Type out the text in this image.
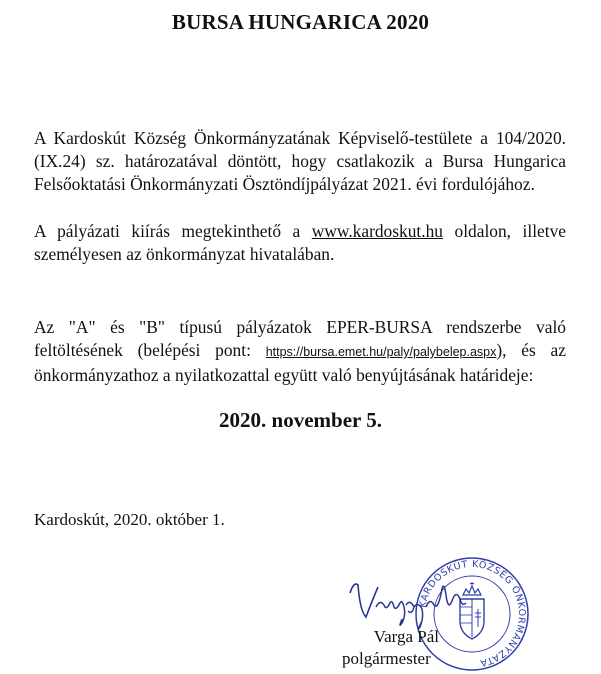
BURSA HUNGARICA 2020
A Kardoskút Község Önkormányzatának Képviselő-testülete a 104/2020. (IX.24) sz. határozatával döntött, hogy csatlakozik a Bursa Hungarica Felsőoktatási Önkormányzati Ösztöndíjpályázat 2021. évi fordulójához.
A pályázati kiírás megtekinthető a www.kardoskut.hu oldalon, illetve személyesen az önkormányzat hivatalában.
Az "A" és "B" típusú pályázatok EPER-BURSA rendszerbe való feltöltésének (belépési pont: https://bursa.emet.hu/paly/palybelep.aspx), és az önkormányzathoz a nyilatkozattal együtt való benyújtásának határideje:
2020. november 5.
Kardoskút, 2020. október 1.
KARDOSKÚT KÖZSÉG ÖNKORMÁNYZATA
Varga Pál
polgármester
